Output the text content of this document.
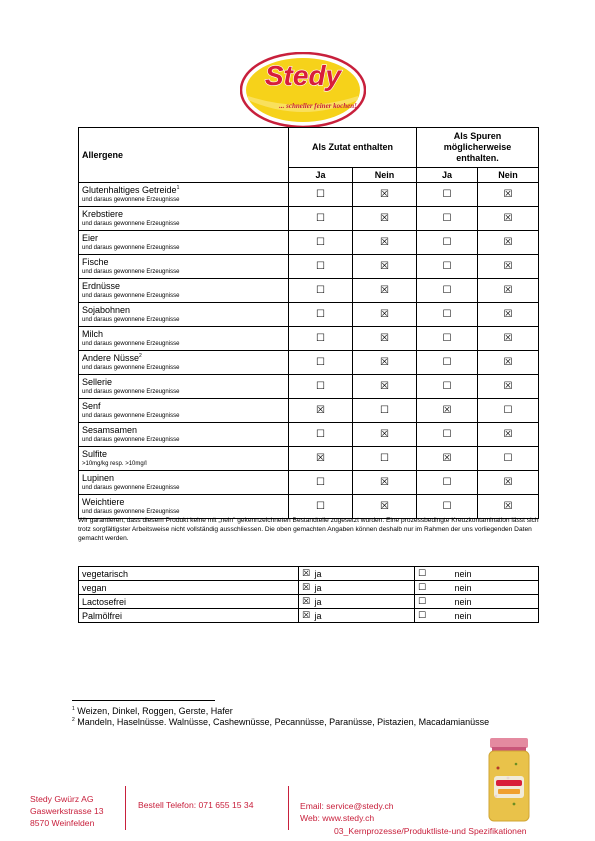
Stedy
... schneller feiner kochen!
Allergene	Als Zutat enthalten		Als Spuren möglicherweise enthalten.	
	Ja	Nein	Ja	Nein

Glutenhaltiges Getreide$^1$
und daraus gewonnene Erzeugnisse	☐	☒	☐	☒

Krebstiere
und daraus gewonnene Erzeugnisse	☐	☒	☐	☒

Eier
und daraus gewonnene Erzeugnisse	☐	☒	☐	☒

Fische
und daraus gewonnene Erzeugnisse	☐	☒	☐	☒

Erdnüsse
und daraus gewonnene Erzeugnisse	☐	☒	☐	☒

Sojabohnen
und daraus gewonnene Erzeugnisse	☐	☒	☐	☒

Milch
und daraus gewonnene Erzeugnisse	☐	☒	☐	☒

Andere Nüsse$^2$
und daraus gewonnene Erzeugnisse	☐	☒	☐	☒

Sellerie
und daraus gewonnene Erzeugnisse	☐	☒	☐	☒

Senf
und daraus gewonnene Erzeugnisse	☒	☐	☒	☐

Sesamsamen
und daraus gewonnene Erzeugnisse	☐	☒	☐	☒

Sulfite
>10mg/kg resp. >10mg/l	☒	☐	☒	☐

Lupinen
und daraus gewonnene Erzeugnisse	☐	☒	☐	☒

Weichtiere
und daraus gewonnene Erzeugnisse	☐	☒	☐	☒
Wir garantieren, dass diesem Produkt keine mit „nein" gekennzeichneten Bestandteile zugesetzt wurden. Eine prozessbedingte Kreuzkontamination lässt sich trotz sorgfältigster Arbeitsweise nicht vollständig ausschliessen. Die oben gemachten Angaben können deshalb nur im Rahmen der uns vorliegenden Daten gemacht werden.
vegetarisch	☒	ja	☐	nein
vegan	☒	ja	☐	nein
Lactosefrei	☒	ja	☐	nein
Palmölfrei	☒	ja	☐	nein
$^1$ Weizen, Dinkel, Roggen, Gerste, Hafer
$^2$ Mandeln, Haselnüsse. Walnüsse, Cashewnüsse, Pecannüsse, Paranüsse, Pistazien, Macadamianüsse
Stedy Gwürz AG
Gaswerkstrasse 13
8570 Weinfelden
Bestell Telefon: 071 655 15 34	Email: service@stedy.ch
Web: www.stedy.ch
03_Kernprozesse/Produktliste-und Spezifikationen
